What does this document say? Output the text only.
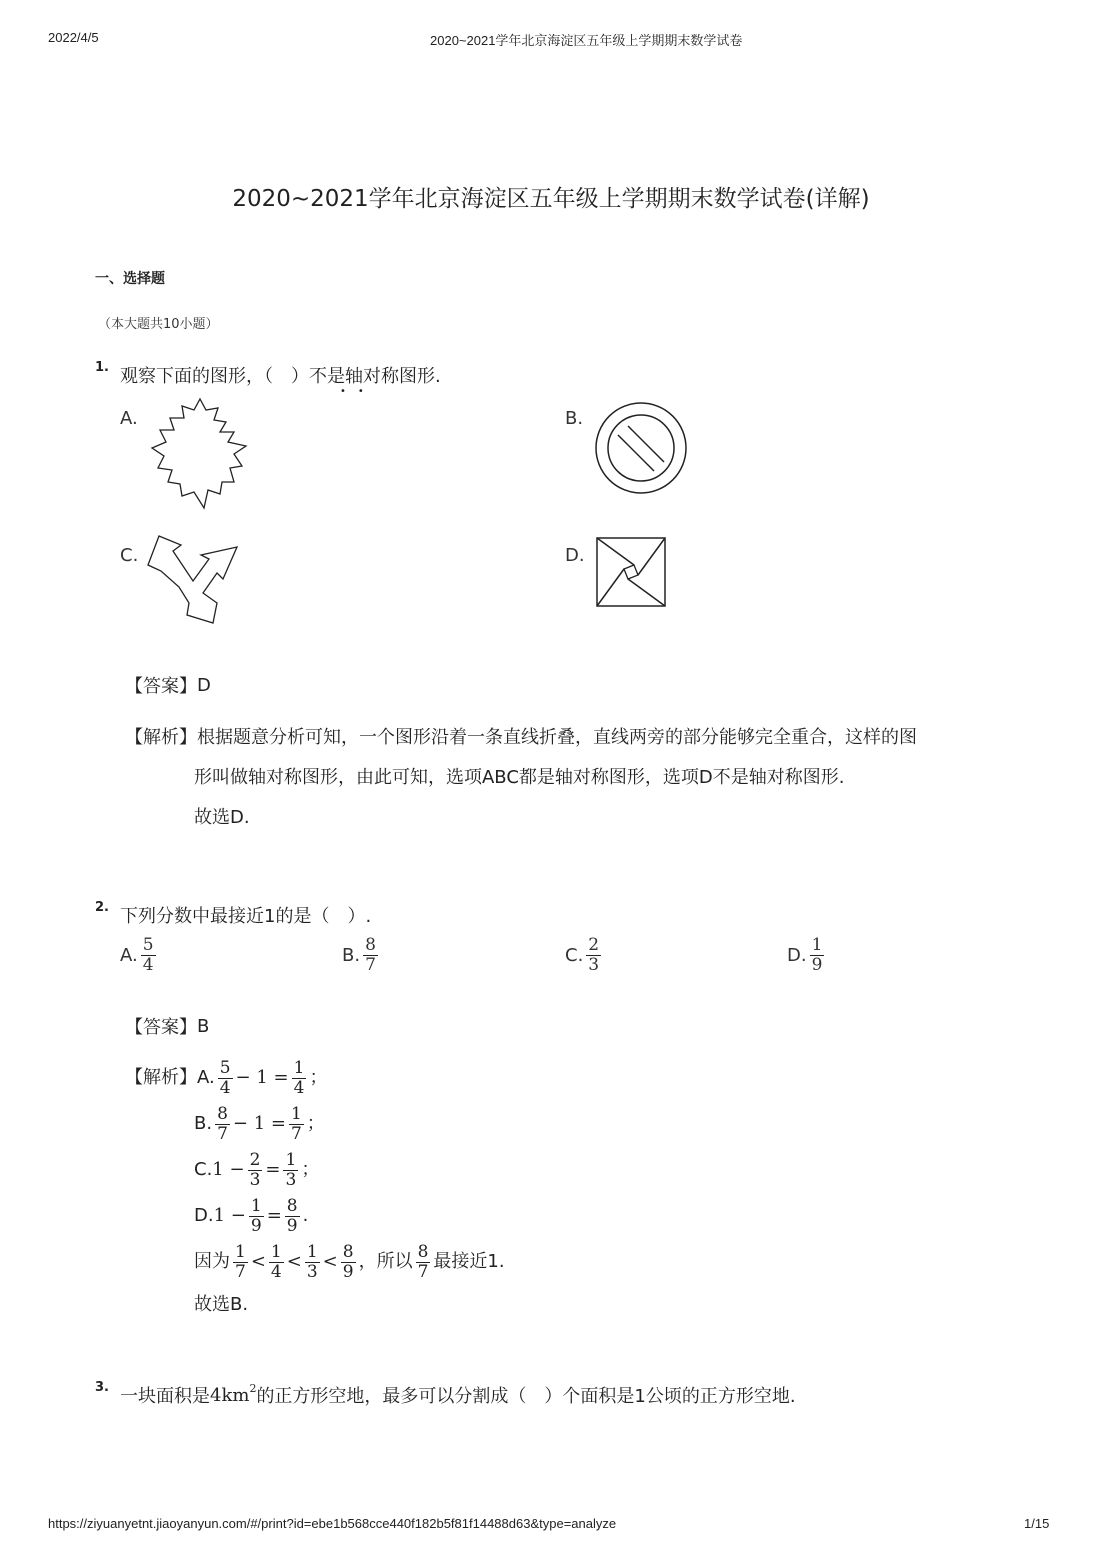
2022/4/5	2020~2021学年北京海淀区五年级上学期期末数学试卷
2020~2021学年北京海淀区五年级上学期期末数学试卷(详解)
一、选择题
（本大题共10小题）
1. 观察下面的图形，（　） 不是 轴对称图形.
••
A.	B.
C.	D.
【答案】 D
【解析】 根据题意分析可知，一个图形沿着一条直线折叠，直线两旁的部分能够完全重合，这样的图
形叫做轴对称图形，由此可知，选项ABC都是轴对称图形，选项D不是轴对称图形.
故选D.
2. 下列分数中最接近1的是（　）.
A. $\frac{5}{4}$	B. $\frac{8}{7}$	C. $\frac{2}{3}$	D. $\frac{1}{9}$
【答案】 B
【解析】 A. $\frac{5}{4} - 1 = \frac{1}{4}$ ；
B. $\frac{8}{7} - 1 = \frac{1}{7}$ ；
C. $1 - \frac{2}{3} = \frac{1}{3}$ ；
D. $1 - \frac{1}{9} = \frac{8}{9}$ .
因为 $\frac{1}{7} < \frac{1}{4} < \frac{1}{3} < \frac{8}{9}$ ，所以 $\frac{8}{7}$ 最接近1.
故选B.
3. 一块面积是 $4km^2$ 的正方形空地，最多可以分割成（　）个面积是1公顷的正方形空地.
https://ziyuanyetnt.jiaoyanyun.com/#/print?id=ebe1b568cce440f182b5f81f14488d63&type=analyze	1/15
